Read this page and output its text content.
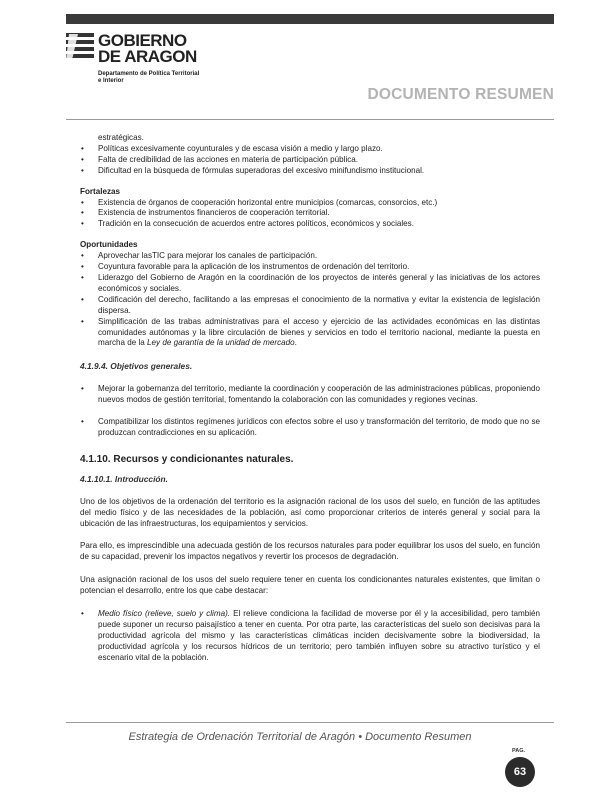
GOBIERNO
DE ARAGON
Departamento de Política Territorial
e Interior
DOCUMENTO RESUMEN

estratégicas.

• Políticas excesivamente coyunturales y de escasa visión a medio y largo plazo.
• Falta de credibilidad de las acciones en materia de participación pública.
• Dificultad en la búsqueda de fórmulas superadoras del excesivo minifundismo institucional.

Fortalezas

• Existencia de órganos de cooperación horizontal entre municipios (comarcas, consorcios, etc.)
• Existencia de instrumentos financieros de cooperación territorial.
• Tradición en la consecución de acuerdos entre actores políticos, económicos y sociales.

Oportunidades

• Aprovechar lasTIC para mejorar los canales de participación.
• Coyuntura favorable para la aplicación de los instrumentos de ordenación del territorio.
• Liderazgo del Gobierno de Aragón en la coordinación de los proyectos de interés general y las iniciativas de los actores económicos y sociales.
• Codificación del derecho, facilitando a las empresas el conocimiento de la normativa y evitar la existencia de legislación dispersa.
• Simplificación de las trabas administrativas para el acceso y ejercicio de las actividades económicas en las distintas comunidades autónomas y la libre circulación de bienes y servicios en todo el territorio nacional, mediante la puesta en marcha de la Ley de garantía de la unidad de mercado.

4.1.9.4. Objetivos generales.

• Mejorar la gobernanza del territorio, mediante la coordinación y cooperación de las administraciones públicas, proponiendo nuevos modos de gestión territorial, fomentando la colaboración con las comunidades y regiones vecinas.
• Compatibilizar los distintos regímenes jurídicos con efectos sobre el uso y transformación del territorio, de modo que no se produzcan contradicciones en su aplicación.

4.1.10. Recursos y condicionantes naturales.

4.1.10.1. Introducción.

Uno de los objetivos de la ordenación del territorio es la asignación racional de los usos del suelo, en función de las aptitudes del medio físico y de las necesidades de la población, así como proporcionar criterios de interés general y social para la ubicación de las infraestructuras, los equipamientos y servicios.

Para ello, es imprescindible una adecuada gestión de los recursos naturales para poder equilibrar los usos del suelo, en función de su capacidad, prevenir los impactos negativos y revertir los procesos de degradación.

Una asignación racional de los usos del suelo requiere tener en cuenta los condicionantes naturales existentes, que limitan o potencian el desarrollo, entre los que cabe destacar:

• Medio físico (relieve, suelo y clima). El relieve condiciona la facilidad de moverse por él y la accesibilidad, pero también puede suponer un recurso paisajístico a tener en cuenta. Por otra parte, las características del suelo son decisivas para la productividad agrícola del mismo y las características climáticas inciden decisivamente sobre la biodiversidad, la productividad agrícola y los recursos hídricos de un territorio; pero también influyen sobre su atractivo turístico y el escenario vital de la población.
Estrategia de Ordenación Territorial de Aragón • Documento Resumen
PAG.
63
